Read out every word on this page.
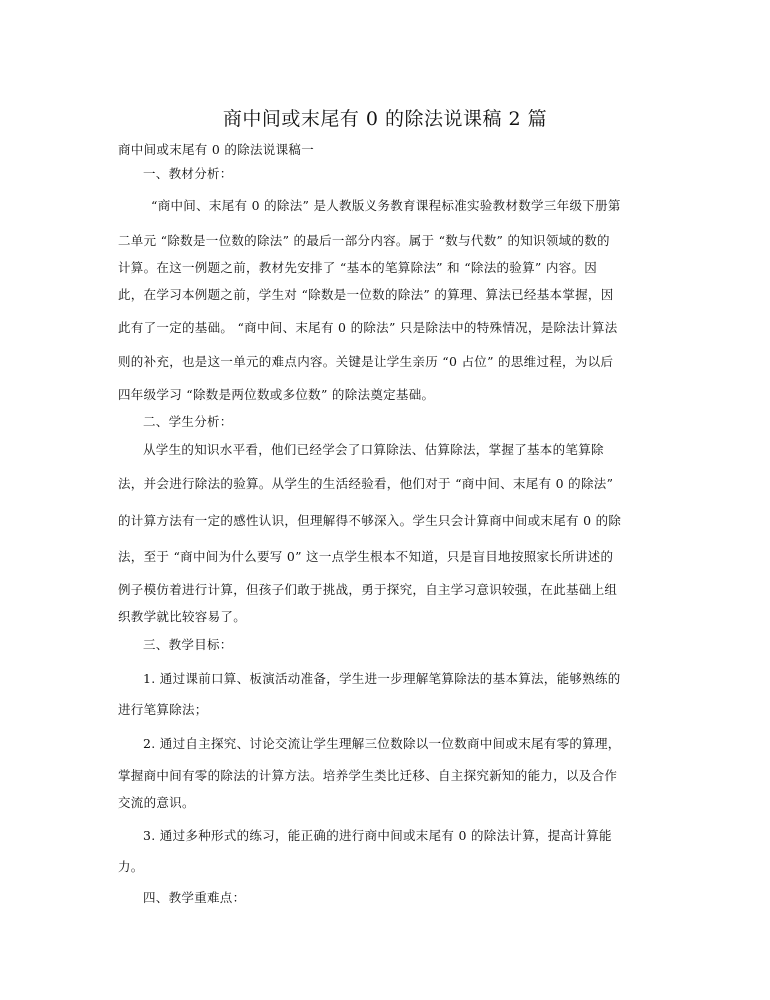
商中间或末尾有 0 的除法说课稿 2 篇
商中间或末尾有 0 的除法说课稿一
一、教材分析：
“商中间、末尾有 0 的除法” 是人教版义务教育课程标准实验教材数学三年级下册第
二单元 “除数是一位数的除法” 的最后一部分内容。属于 “数与代数” 的知识领域的数的
计算。在这一例题之前，教材先安排了 “基本的笔算除法” 和 “除法的验算” 内容。因
此，在学习本例题之前，学生对 “除数是一位数的除法” 的算理、算法已经基本掌握，因
此有了一定的基础。 “商中间、末尾有 0 的除法” 只是除法中的特殊情况，是除法计算法
则的补充，也是这一单元的难点内容。关键是让学生亲历 “0 占位” 的思维过程，为以后
四年级学习 “除数是两位数或多位数” 的除法奠定基础。
二、学生分析：
从学生的知识水平看，他们已经学会了口算除法、估算除法，掌握了基本的笔算除
法，并会进行除法的验算。从学生的生活经验看，他们对于 “商中间、末尾有 0 的除法”
的计算方法有一定的感性认识，但理解得不够深入。学生只会计算商中间或末尾有 0 的除
法，至于 “商中间为什么要写 0” 这一点学生根本不知道，只是盲目地按照家长所讲述的
例子模仿着进行计算，但孩子们敢于挑战，勇于探究，自主学习意识较强，在此基础上组
织教学就比较容易了。
三、教学目标：
1. 通过课前口算、板演活动准备，学生进一步理解笔算除法的基本算法，能够熟练的
进行笔算除法；
2. 通过自主探究、讨论交流让学生理解三位数除以一位数商中间或末尾有零的算理，
掌握商中间有零的除法的计算方法。培养学生类比迁移、自主探究新知的能力，以及合作
交流的意识。
3. 通过多种形式的练习，能正确的进行商中间或末尾有 0 的除法计算，提高计算能
力。
四、教学重难点：
